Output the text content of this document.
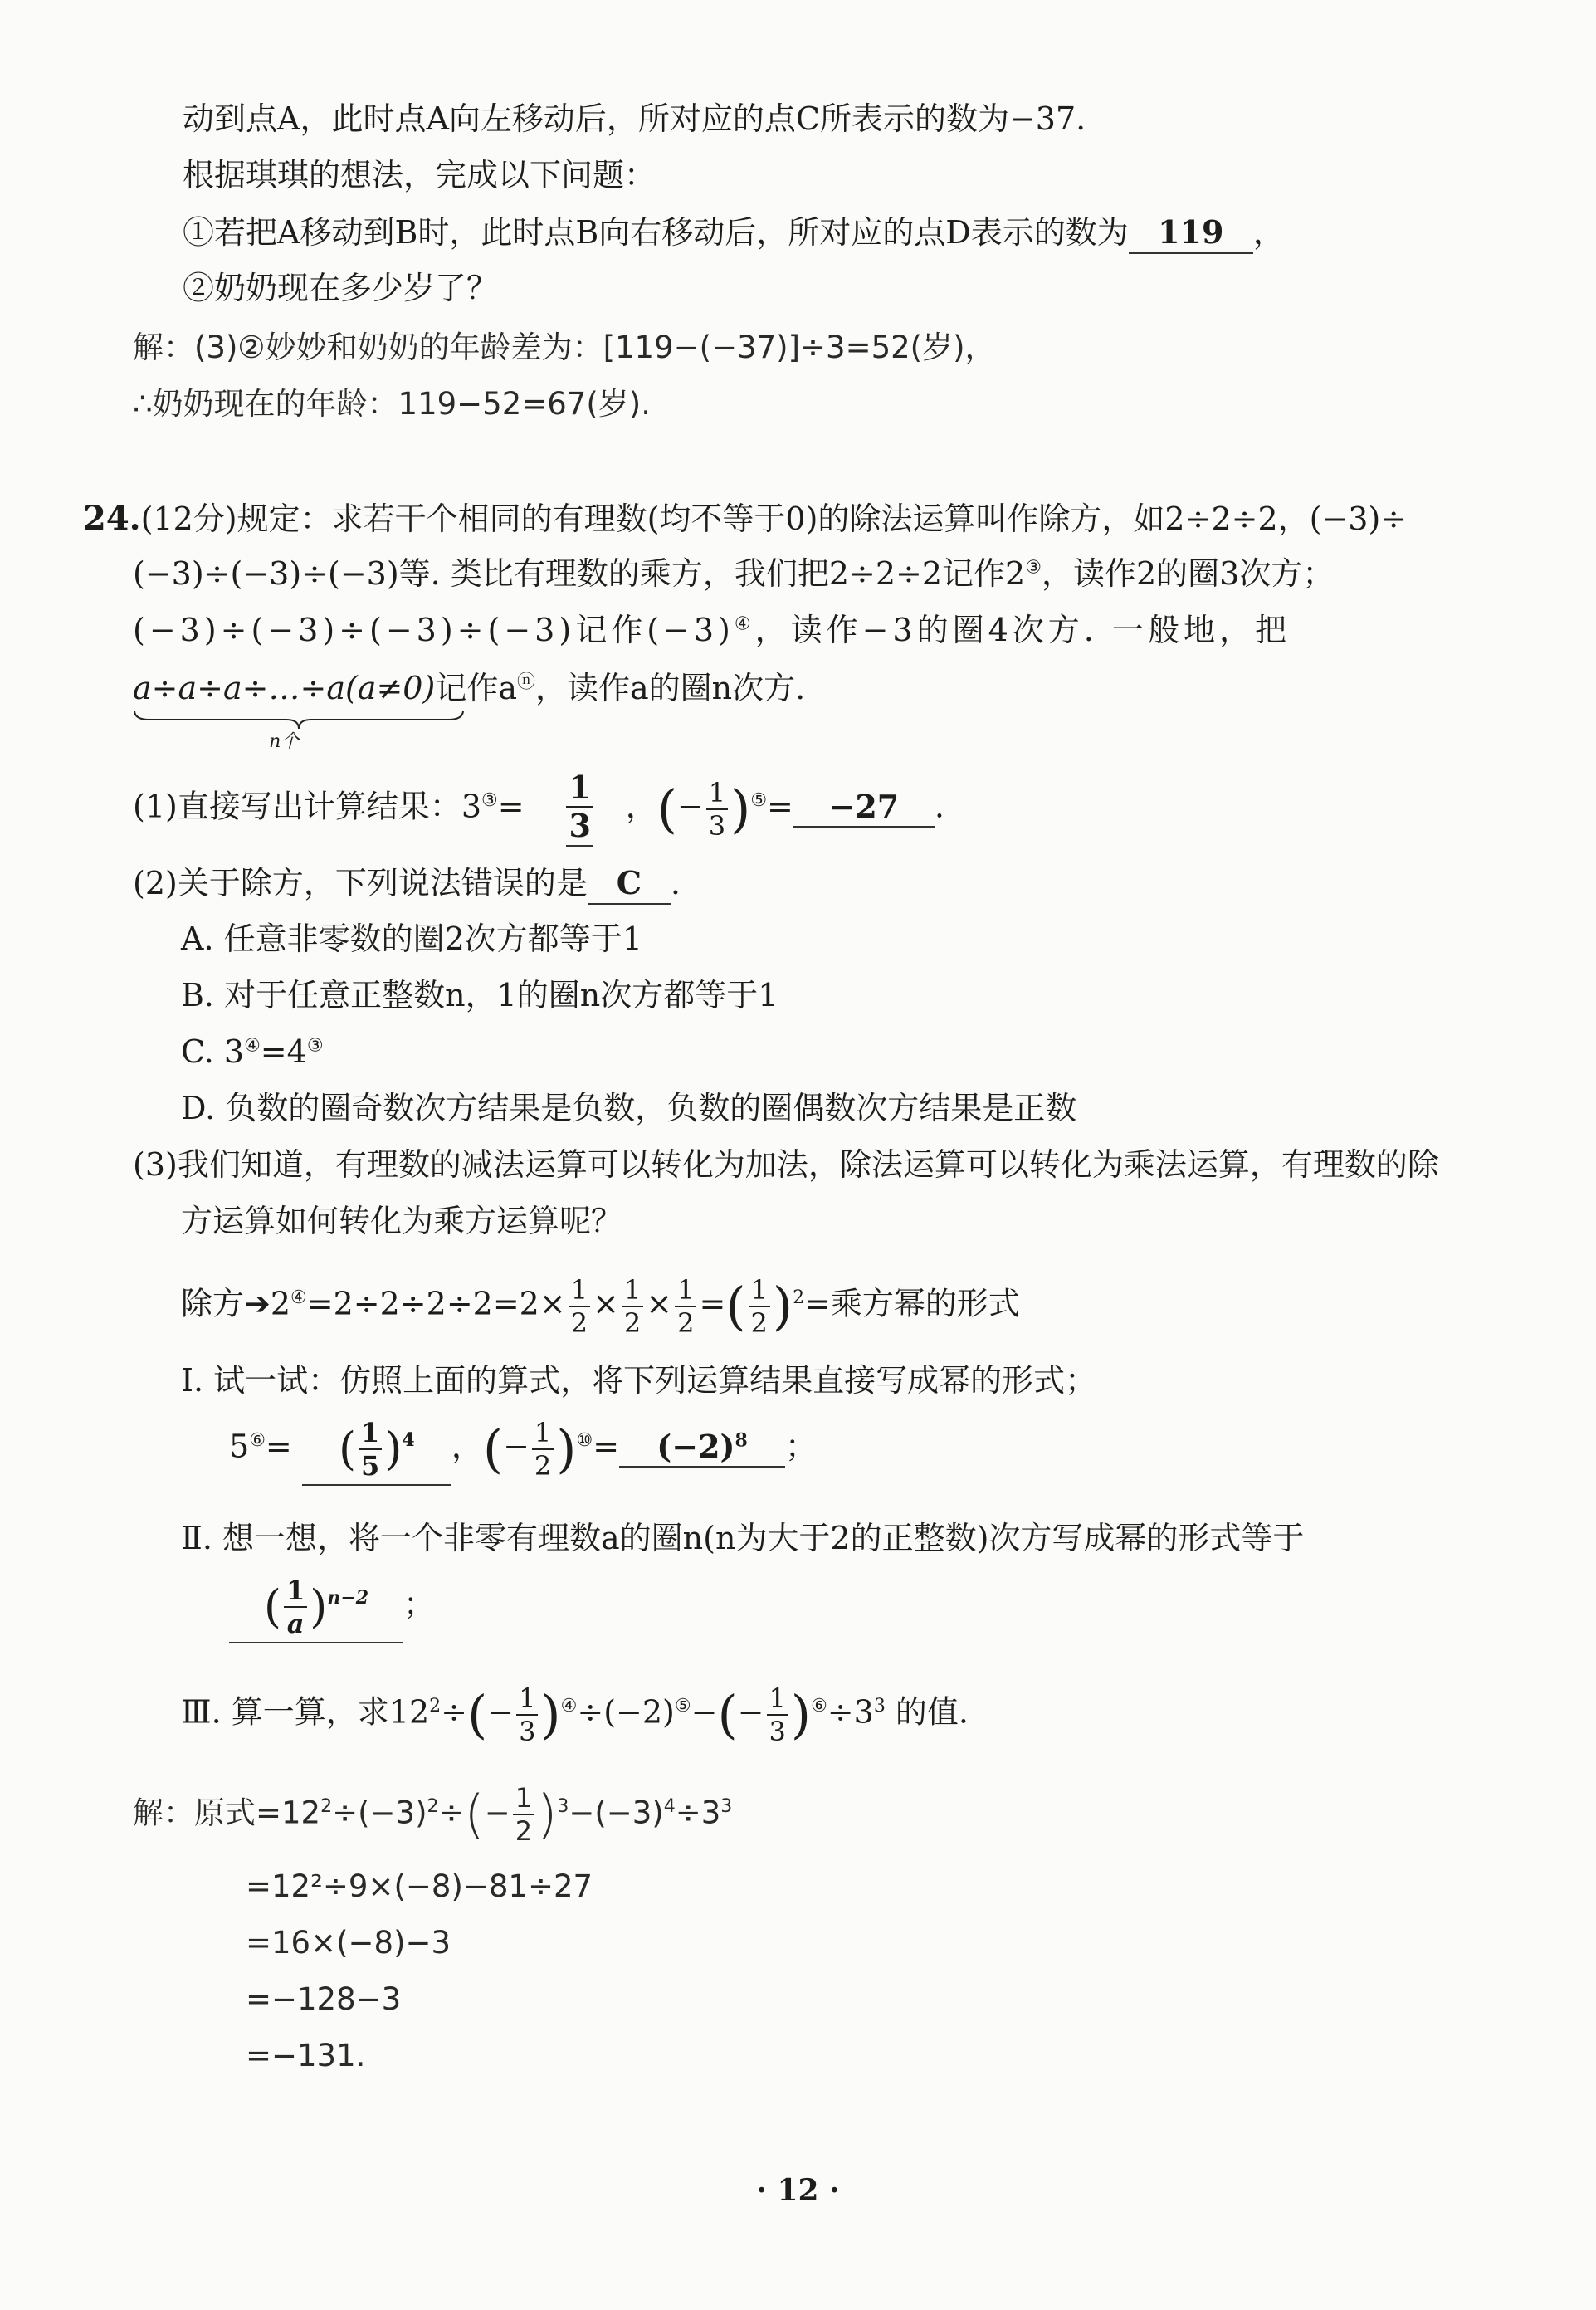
动到点A，此时点A向左移动后，所对应的点C所表示的数为−37.
根据琪琪的想法，完成以下问题：
①若把A移动到B时，此时点B向右移动后，所对应的点D表示的数为 119 ，
②奶奶现在多少岁了？
解：(3)②妙妙和奶奶的年龄差为：[119−(−37)]÷3=52(岁)，
∴奶奶现在的年龄：119−52=67(岁).
24.(12分)规定：求若干个相同的有理数(均不等于0)的除法运算叫作除方，如2÷2÷2，(−3)÷
(−3)÷(−3)÷(−3)等. 类比有理数的乘方，我们把2÷2÷2记作2③，读作2的圈3次方；
(−3)÷(−3)÷(−3)÷(−3)记作(−3)④，读作−3的圈4次方. 一般地，把
a÷a÷a÷…÷a(a≠0)
n个
记作aⓝ，读作a的圈n次方.
(1)直接写出计算结果：$3^③= \frac{1}{3}$ ，(− $\frac{1}{3} )^⑤= -27$ .
(2)关于除方，下列说法错误的是 C .
A. 任意非零数的圈2次方都等于1
B. 对于任意正整数n，1的圈n次方都等于1
C. 3④=4③
D. 负数的圈奇数次方结果是负数，负数的圈偶数次方结果是正数
(3)我们知道，有理数的减法运算可以转化为加法，除法运算可以转化为乘法运算，有理数的除
方运算如何转化为乘方运算呢？
除方➔2④=2÷2÷2÷2=2× $\frac{1}{2} \times \frac{1}{2} \times \frac{1}{2}$ =( $\frac{1}{2} )^2=$乘方幂的形式
Ⅰ. 试一试：仿照上面的算式，将下列运算结果直接写成幂的形式；
5⑥= ( $\frac{1}{5} )^4$ ，(− $\frac{1}{2} )^⑩= (-2)^8$ ；
Ⅱ. 想一想，将一个非零有理数a的圈n(n为大于2的正整数)次方写成幂的形式等于
( $\frac{1}{a} )^{n-2}$ ；
Ⅲ. 算一算，求$12^2\div(- \frac{1}{3} )^④\div(-2)^⑤-(- \frac{1}{3} )^⑥\div 3^3$ 的值.
解：原式$=12^2\div(-3)^2\div(- \frac{1}{2} )^3-(-3)^4\div 3^3$
=12²÷9×(−8)−81÷27
=16×(−8)−3
=−128−3
=−131.
· 12 ·
